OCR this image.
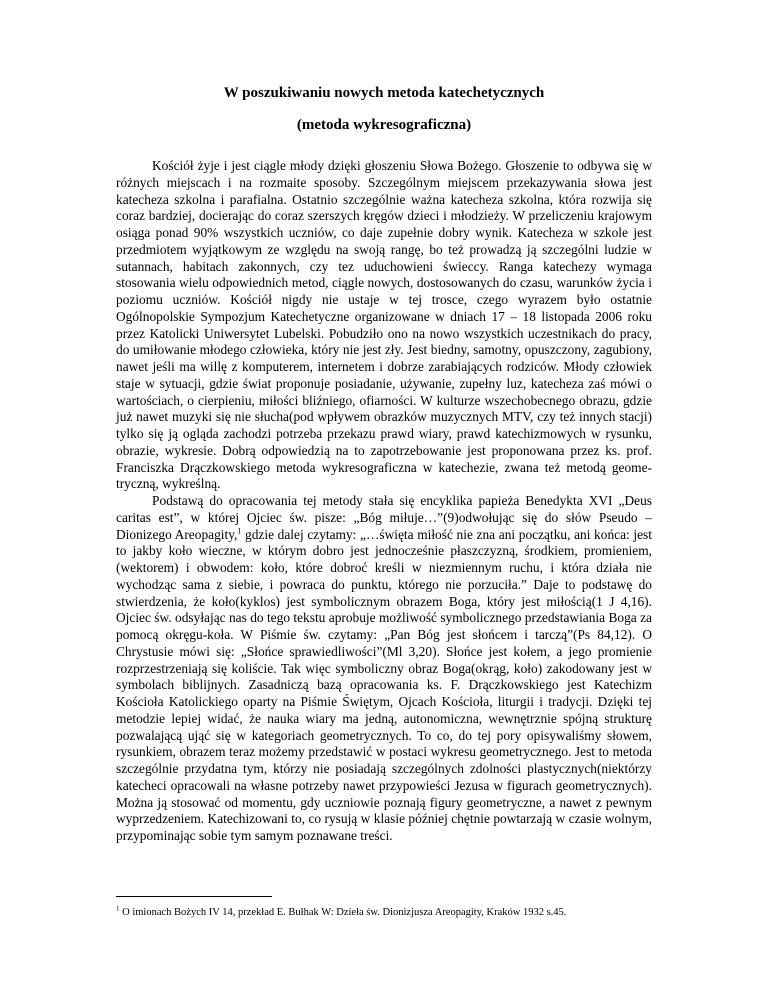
W poszukiwaniu nowych metoda katechetycznych
(metoda wykresograficzna)

Kościół żyje i jest ciągle młody dzięki głoszeniu Słowa Bożego. Głoszenie to odbywa się w różnych miejscach i na rozmaite sposoby. Szczególnym miejscem przekazywania słowa jest katecheza szkolna i parafialna. Ostatnio szczególnie ważna katecheza szkolna, która rozwija się coraz bardziej, docierając do coraz szerszych kręgów dzieci i młodzieży. W przeliczeniu krajowym osiąga ponad 90% wszystkich uczniów, co daje zupełnie dobry wynik. Katecheza w szkole jest przedmiotem wyjątkowym ze względu na swoją rangę, bo też prowadzą ją szczególni ludzie w sutannach, habitach zakonnych, czy tez uduchowieni świeccy. Ranga katechezy wymaga stosowania wielu odpowiednich metod, ciągle nowych, dostosowanych do czasu, warunków życia i poziomu uczniów. Kościół nigdy nie ustaje w tej trosce, czego wyrazem było ostatnie Ogólnopolskie Sympozjum Katechetyczne organizowane w dniach 17 – 18 listopada 2006 roku przez Katolicki Uniwersytet Lubelski. Pobudziło ono na nowo wszystkich uczestnikach do pracy, do umiłowanie młodego człowieka, który nie jest zły. Jest biedny, samotny, opuszczony, zagubiony, nawet jeśli ma willę z komputerem, internetem i dobrze zarabiających rodziców. Młody człowiek staje w sytuacji, gdzie świat proponuje posiadanie, używanie, zupełny luz, katecheza zaś mówi o wartościach, o cierpieniu, miłości bliźniego, ofiarności. W kulturze wszechobecnego obrazu, gdzie już nawet muzyki się nie słucha(pod wpływem obrazków muzycznych MTV, czy też innych stacji) tylko się ją ogląda zachodzi potrzeba przekazu prawd wiary, prawd katechizmowych w rysunku, obrazie, wykresie. Dobrą odpowiedzią na to zapotrzebowanie jest proponowana przez ks. prof. Franciszka Drączkowskiego metoda wykresograficzna w katechezie, zwana też metodą geometryczną, wykreślną.

Podstawą do opracowania tej metody stała się encyklika papieża Benedykta XVI „Deus caritas est”, w której Ojciec św. pisze: „Bóg miłuje…”(9)odwołując się do słów Pseudo – Dionizego Areopagity,$^1$ gdzie dalej czytamy: „…święta miłość nie zna ani początku, ani końca: jest to jakby koło wieczne, w którym dobro jest jednocześnie płaszczyzną, środkiem, promieniem, (wektorem) i obwodem: koło, które dobroć kreśli w niezmiennym ruchu, i która działa nie wychodząc sama z siebie, i powraca do punktu, którego nie porzuciła.” Daje to podstawę do stwierdzenia, że koło(kyklos) jest symbolicznym obrazem Boga, który jest miłością(1 J 4,16). Ojciec św. odsyłając nas do tego tekstu aprobuje możliwość symbolicznego przedstawiania Boga za pomocą okręgu-koła. W Piśmie św. czytamy: „Pan Bóg jest słońcem i tarczą”(Ps 84,12). O Chrystusie mówi się: „Słońce sprawiedliwości”(Ml 3,20). Słońce jest kołem, a jego promienie rozprzestrzeniają się koliście. Tak więc symboliczny obraz Boga(okrąg, koło) zakodowany jest w symbolach biblijnych. Zasadniczą bazą opracowania ks. F. Drączkowskiego jest Katechizm Kościoła Katolickiego oparty na Piśmie Świętym, Ojcach Kościoła, liturgii i tradycji. Dzięki tej metodzie lepiej widać, że nauka wiary ma jedną, autonomiczna, wewnętrznie spójną strukturę pozwalającą ująć się w kategoriach geometrycznych. To co, do tej pory opisywaliśmy słowem, rysunkiem, obrazem teraz możemy przedstawić w postaci wykresu geometrycznego. Jest to metoda szczególnie przydatna tym, którzy nie posiadają szczególnych zdolności plastycznych(niektórzy katecheci opracowali na własne potrzeby nawet przypowieści Jezusa w figurach geometrycznych). Można ją stosować od momentu, gdy uczniowie poznają figury geometryczne, a nawet z pewnym wyprzedzeniem. Katechizowani to, co rysują w klasie później chętnie powtarzają w czasie wolnym, przypominając sobie tym samym poznawane treści.

$^1$ O imionach Bożych IV 14, przekład E. Bułhak W: Dzieła św. Dionizjusza Areopagity, Kraków 1932 s.45.
